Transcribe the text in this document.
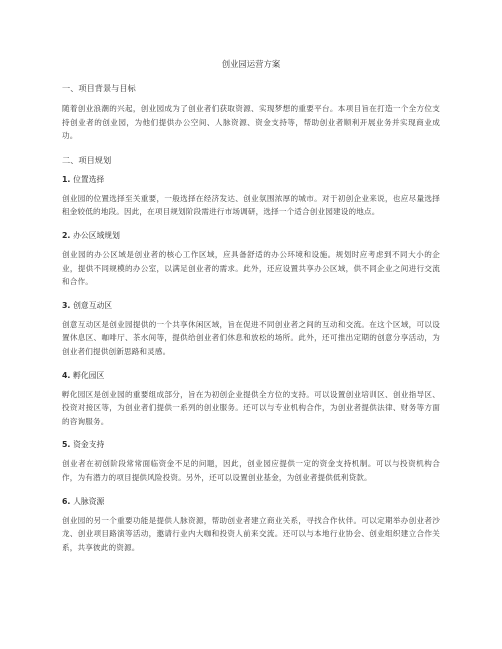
创业园运营方案
一、项目背景与目标
随着创业浪潮的兴起，创业园成为了创业者们获取资源、实现梦想的重要平台。本项目旨在打造一个全方位支持创业者的创业园，为他们提供办公空间、人脉资源、资金支持等，帮助创业者顺利开展业务并实现商业成功。
二、项目规划
1. 位置选择
创业园的位置选择至关重要，一般选择在经济发达、创业氛围浓厚的城市。对于初创企业来说，也应尽量选择租金较低的地段。因此，在项目规划阶段需进行市场调研，选择一个适合创业园建设的地点。
2. 办公区域规划
创业园的办公区域是创业者的核心工作区域，应具备舒适的办公环境和设施。规划时应考虑到不同大小的企业，提供不同规模的办公室，以满足创业者的需求。此外，还应设置共享办公区域，供不同企业之间进行交流和合作。
3. 创意互动区
创意互动区是创业园提供的一个共享休闲区域，旨在促进不同创业者之间的互动和交流。在这个区域，可以设置休息区、咖啡厅、茶水间等，提供给创业者们休息和放松的场所。此外，还可推出定期的创意分享活动，为创业者们提供创新思路和灵感。
4. 孵化园区
孵化园区是创业园的重要组成部分，旨在为初创企业提供全方位的支持。可以设置创业培训区、创业指导区、投资对接区等，为创业者们提供一系列的创业服务。还可以与专业机构合作，为创业者提供法律、财务等方面的咨询服务。
5. 资金支持
创业者在初创阶段常常面临资金不足的问题，因此，创业园应提供一定的资金支持机制。可以与投资机构合作，为有潜力的项目提供风险投资。另外，还可以设置创业基金，为创业者提供低利贷款。
6. 人脉资源
创业园的另一个重要功能是提供人脉资源，帮助创业者建立商业关系，寻找合作伙伴。可以定期举办创业者沙龙、创业项目路演等活动，邀请行业内大咖和投资人前来交流。还可以与本地行业协会、创业组织建立合作关系，共享彼此的资源。
